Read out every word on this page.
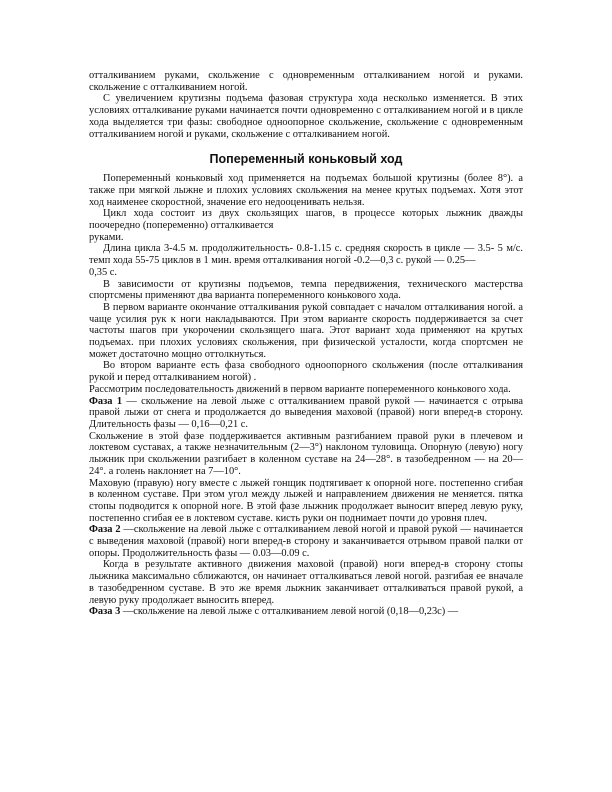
отталкиванием руками, скольжение с одновременным отталкиванием ногой и руками. скольжение с отталкиванием ногой.

С увеличением крутизны подъема фазовая структура хода несколько изменяется. В этих условиях отталкивание руками начинается почти одновременно с отталкиванием ногой и в цикле хода выделяется три фазы: свободное одноопорное скольжение, скольжение с одновременным отталкиванием ногой и руками, скольжение с отталкиванием ногой.

Попеременный коньковый ход

Попеременный коньковый ход применяется на подъемах большой крутизны (более 8°). а также при мягкой лыжне и плохих условиях скольжения на менее крутых подъемах. Хотя этот ход наименее скоростной, значение его недооценивать нельзя.

Цикл хода состоит из двух скользящих шагов, в процессе которых лыжник дважды поочередно (попеременно) отталкивается

руками.

Длина цикла 3-4.5 м. продолжительность- 0.8-1.15 с. средняя скорость в цикле — 3.5- 5 м/с. темп хода 55-75 циклов в 1 мин. время отталкивания ногой -0.2—0,3 с. рукой — 0.25—

0,35 с.

В зависимости от крутизны подъемов, темпа передвижения, технического мастерства спортсмены применяют два варианта попеременного конькового хода.

В первом варианте окончание отталкивания рукой совпадает с началом отталкивания ногой. а чаще усилия рук к ноги накладываются. При этом варианте скорость поддерживается за счет частоты шагов при укорочении скользящего шага. Этот вариант хода применяют на крутых подъемах. при плохих условиях скольжения, при физической усталости, когда спортсмен не может достаточно мощно оттолкнуться.

Во втором варианте есть фаза свободного одноопорного скольжения (после отталкивания рукой и перед отталкиванием ногой) .

Рассмотрим последовательность движений в первом варианте попеременного конькового хода.

Фаза 1 — скольжение на левой лыже с отталкиванием правой рукой — начинается с отрыва правой лыжи от снега и продолжается до выведения маховой (правой) ноги вперед-в сторону. Длительность фазы — 0,16—0,21 с.

Скольжение в этой фазе поддерживается активным разгибанием правой руки в плечевом и локтевом суставах, а также незначительным (2—3°) наклоном туловища. Опорную (левую) ногу лыжник при скольжении разгибает в коленном суставе на 24—28°. в тазобедренном — на 20—24°. а голень наклоняет на 7—10°.

Маховую (правую) ногу вместе с лыжей гонщик подтягивает к опорной ноге. постепенно сгибая в коленном суставе. При этом угол между лыжей и направлением движения не меняется. пятка стопы подводится к опорной ноге. В этой фазе лыжник продолжает выносит вперед левую руку, постепенно сгибая ее в локтевом суставе. кисть руки он поднимает почти до уровня плеч.

Фаза 2 —скольжение на левой лыже с отталкиванием левой ногой и правой рукой — начинается с выведения маховой (правой) ноги вперед-в сторону и заканчивается отрывом правой палки от опоры. Продолжительность фазы — 0.03—0.09 с.

Когда в результате активного движения маховой (правой) ноги вперед-в сторону стопы лыжника максимально сближаются, он начинает отталкиваться левой ногой. разгибая ее вначале в тазобедренном суставе. В это же время лыжник заканчивает отталкиваться правой рукой, а левую руку продолжает выносить вперед.

Фаза 3 —скольжение на левой лыже с отталкиванием левой ногой (0,18—0,23с) —
